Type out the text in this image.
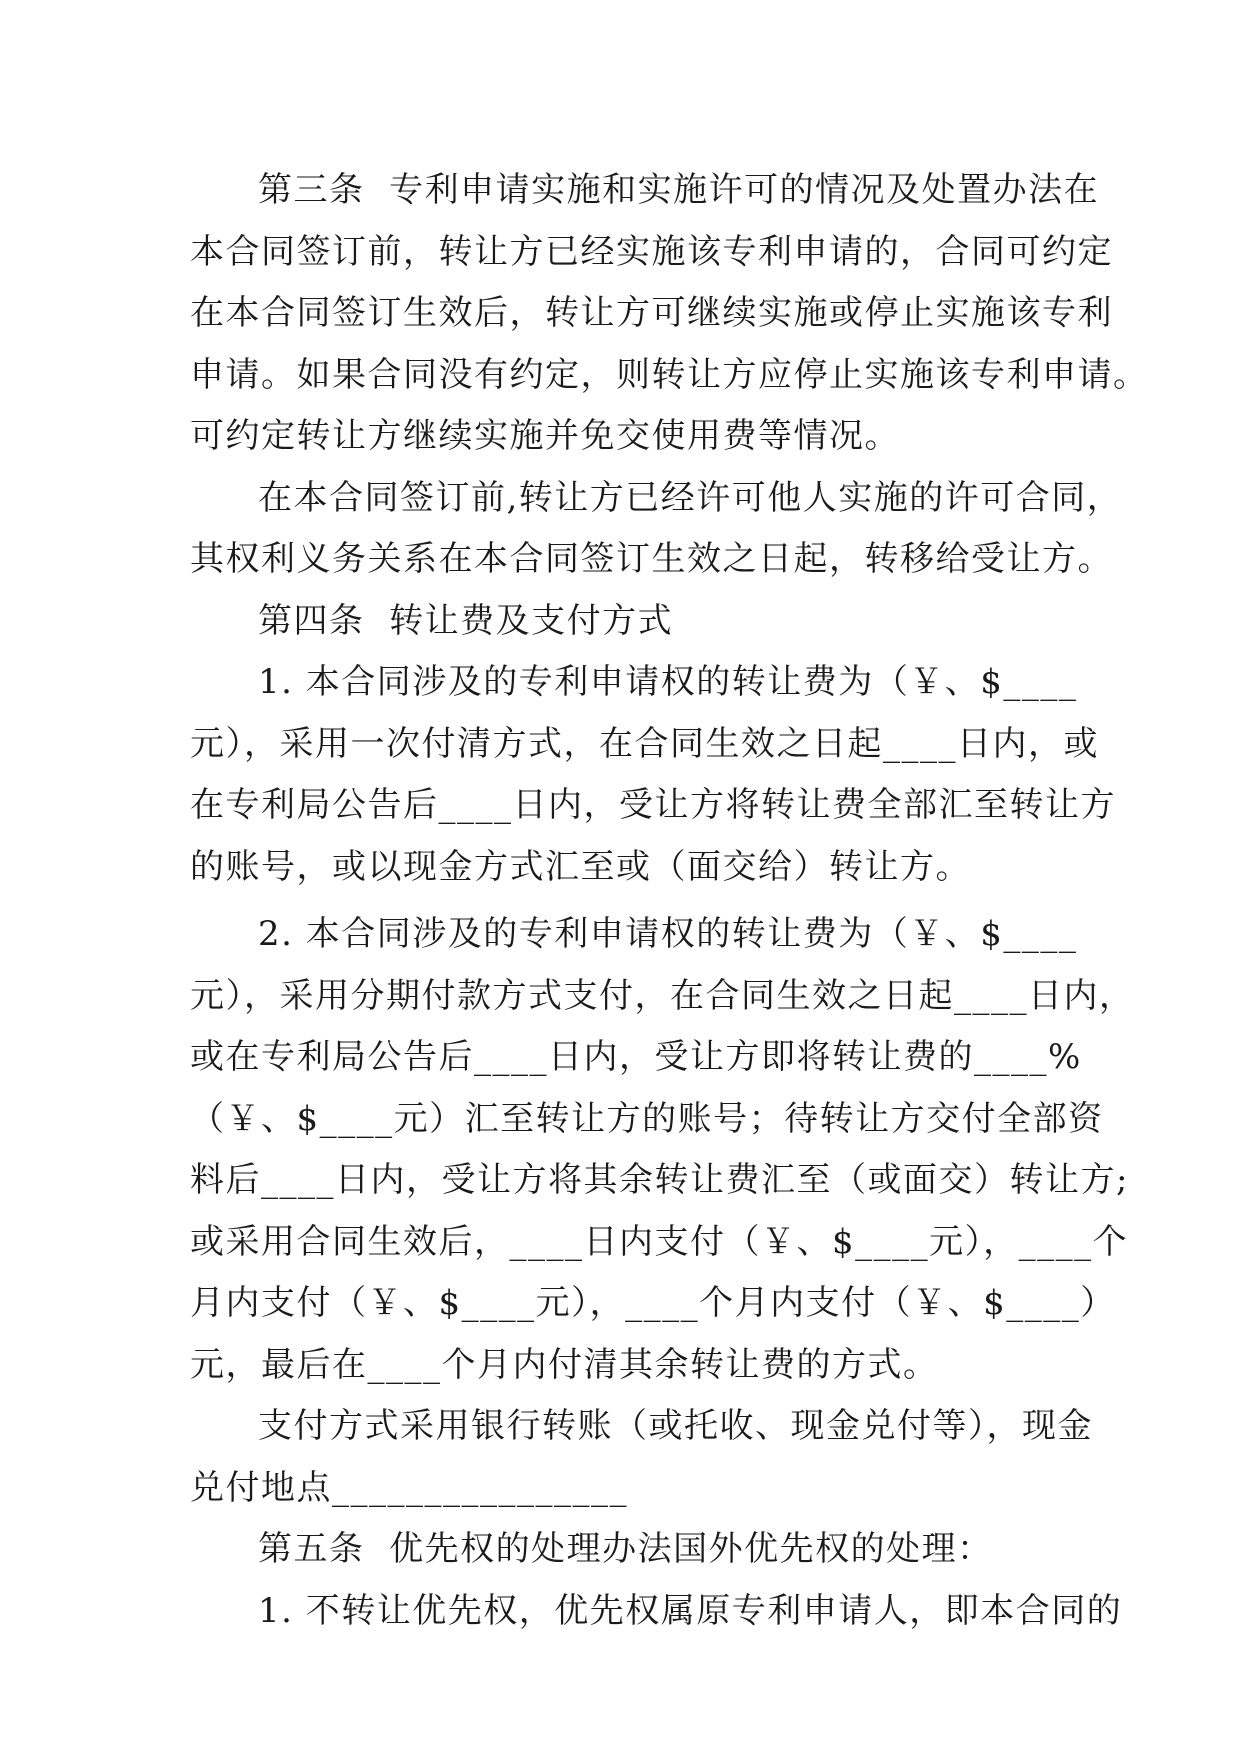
第三条  专利申请实施和实施许可的情况及处置办法在
本合同签订前，转让方已经实施该专利申请的，合同可约定
在本合同签订生效后，转让方可继续实施或停止实施该专利
申请。如果合同没有约定，则转让方应停止实施该专利申请。
可约定转让方继续实施并免交使用费等情况。
在本合同签订前,转让方已经许可他人实施的许可合同，
其权利义务关系在本合同签订生效之日起，转移给受让方。
第四条  转让费及支付方式
1. 本合同涉及的专利申请权的转让费为（￥、$____
元），采用一次付清方式，在合同生效之日起____日内，或
在专利局公告后____日内，受让方将转让费全部汇至转让方
的账号，或以现金方式汇至或（面交给）转让方。
2. 本合同涉及的专利申请权的转让费为（￥、$____
元），采用分期付款方式支付，在合同生效之日起____日内，
或在专利局公告后____日内，受让方即将转让费的____%
（￥、$____元）汇至转让方的账号；待转让方交付全部资
料后____日内，受让方将其余转让费汇至（或面交）转让方;
或采用合同生效后，____日内支付（￥、$____元），____个
月内支付（￥、$____元），____个月内支付（￥、$____）
元，最后在____个月内付清其余转让费的方式。
支付方式采用银行转账（或托收、现金兑付等），现金
兑付地点________________
第五条  优先权的处理办法国外优先权的处理：
1. 不转让优先权，优先权属原专利申请人，即本合同的
